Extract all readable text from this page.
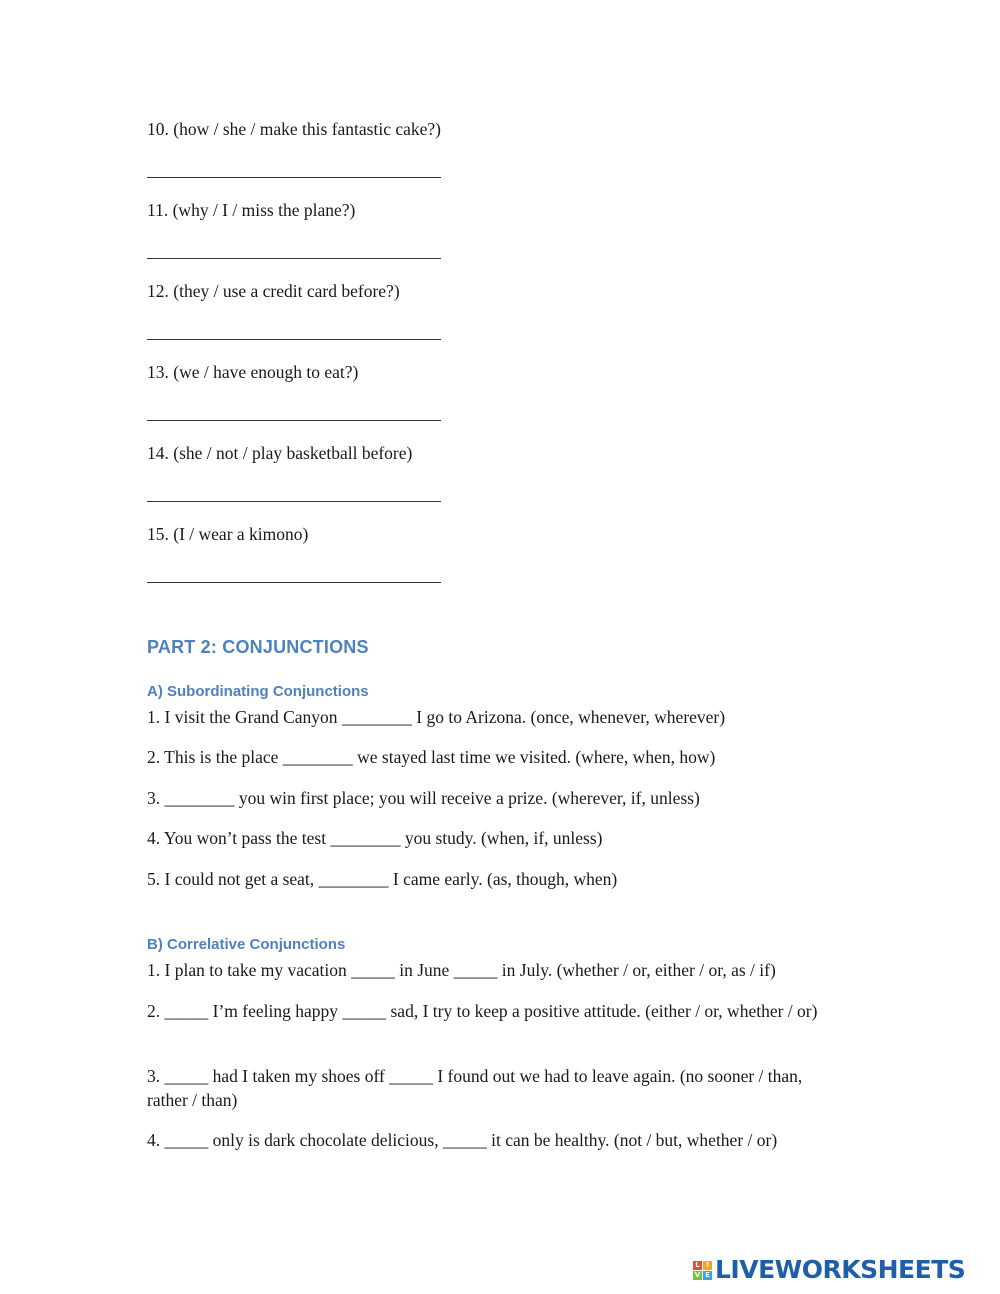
10. (how / she / make this fantastic cake?)
11. (why / I / miss the plane?)
12. (they / use a credit card before?)
13. (we / have enough to eat?)
14. (she / not / play basketball before)
15. (I / wear a kimono)
PART 2: CONJUNCTIONS
A) Subordinating Conjunctions
1. I visit the Grand Canyon ________ I go to Arizona. (once, whenever, wherever)
2. This is the place ________ we stayed last time we visited. (where, when, how)
3. ________ you win first place; you will receive a prize. (wherever, if, unless)
4. You won’t pass the test ________ you study. (when, if, unless)
5. I could not get a seat, ________ I came early. (as, though, when)
B) Correlative Conjunctions
1. I plan to take my vacation _____ in June _____ in July. (whether / or, either / or, as / if)
2. _____ I’m feeling happy _____ sad, I try to keep a positive attitude. (either / or, whether / or)
3. _____ had I taken my shoes off _____ I found out we had to leave again. (no sooner / than, rather / than)
4. _____ only is dark chocolate delicious, _____ it can be healthy. (not / but, whether / or)
L I
V E LIVEWORKSHEETS
